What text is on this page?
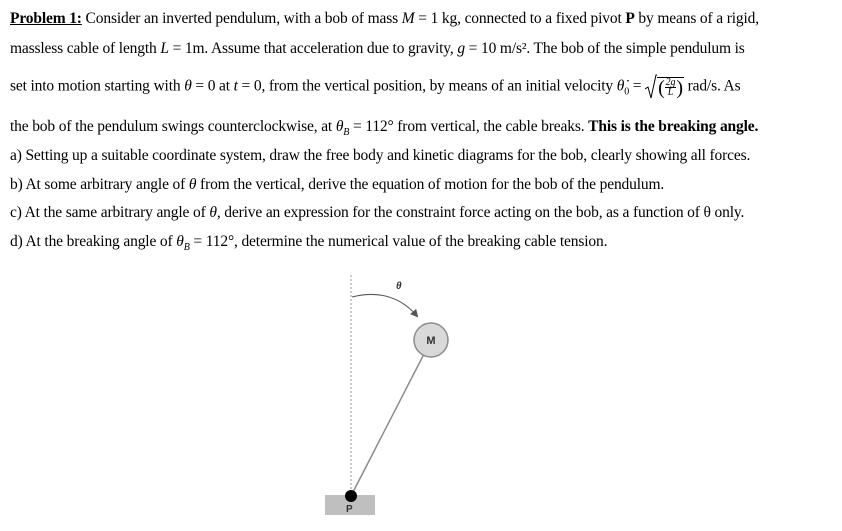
Problem 1: Consider an inverted pendulum, with a bob of mass M = 1 kg, connected to a fixed pivot P by means of a rigid,
massless cable of length L = 1m. Assume that acceleration due to gravity, g = 10 m/s². The bob of the simple pendulum is
set into motion starting with θ = 0 at t = 0, from the vertical position, by means of an initial velocity $\thetȧ_0$ = ( $\frac{2g}{L}$ ) rad/s. As
the bob of the pendulum swings counterclockwise, at $\theta_B = 112^\circ$ from vertical, the cable breaks. This is the breaking angle.
a) Setting up a suitable coordinate system, draw the free body and kinetic diagrams for the bob, clearly showing all forces.
b) At some arbitrary angle of θ from the vertical, derive the equation of motion for the bob of the pendulum.
c) At the same arbitrary angle of θ, derive an expression for the constraint force acting on the bob, as a function of θ only.
d) At the breaking angle of $\theta_B = 112^\circ$, determine the numerical value of the breaking cable tension.
θ
M
P
